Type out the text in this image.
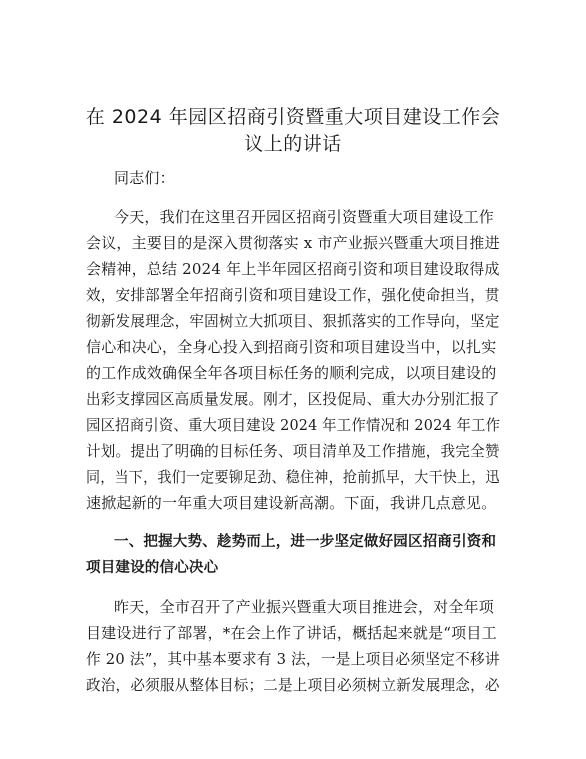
在 2024 年园区招商引资暨重大项目建设工作会
议上的讲话
同志们：
今天，我们在这里召开园区招商引资暨重大项目建设工作
会议，主要目的是深入贯彻落实 x 市产业振兴暨重大项目推进
会精神，总结 2024 年上半年园区招商引资和项目建设取得成
效，安排部署全年招商引资和项目建设工作，强化使命担当，贯
彻新发展理念，牢固树立大抓项目、狠抓落实的工作导向，坚定
信心和决心，全身心投入到招商引资和项目建设当中，以扎实
的工作成效确保全年各项目标任务的顺利完成，以项目建设的
出彩支撑园区高质量发展。刚才，区投促局、重大办分别汇报了
园区招商引资、重大项目建设 2024 年工作情况和 2024 年工作
计划。提出了明确的目标任务、项目清单及工作措施，我完全赞
同，当下，我们一定要铆足劲、稳住神，抢前抓早，大干快上，迅
速掀起新的一年重大项目建设新高潮。下面，我讲几点意见。
一、把握大势、趁势而上，进一步坚定做好园区招商引资和
项目建设的信心决心
昨天，全市召开了产业振兴暨重大项目推进会，对全年项
目建设进行了部署，*在会上作了讲话，概括起来就是“项目工
作 20 法”，其中基本要求有 3 法，一是上项目必须坚定不移讲
政治，必须服从整体目标；二是上项目必须树立新发展理念，必
